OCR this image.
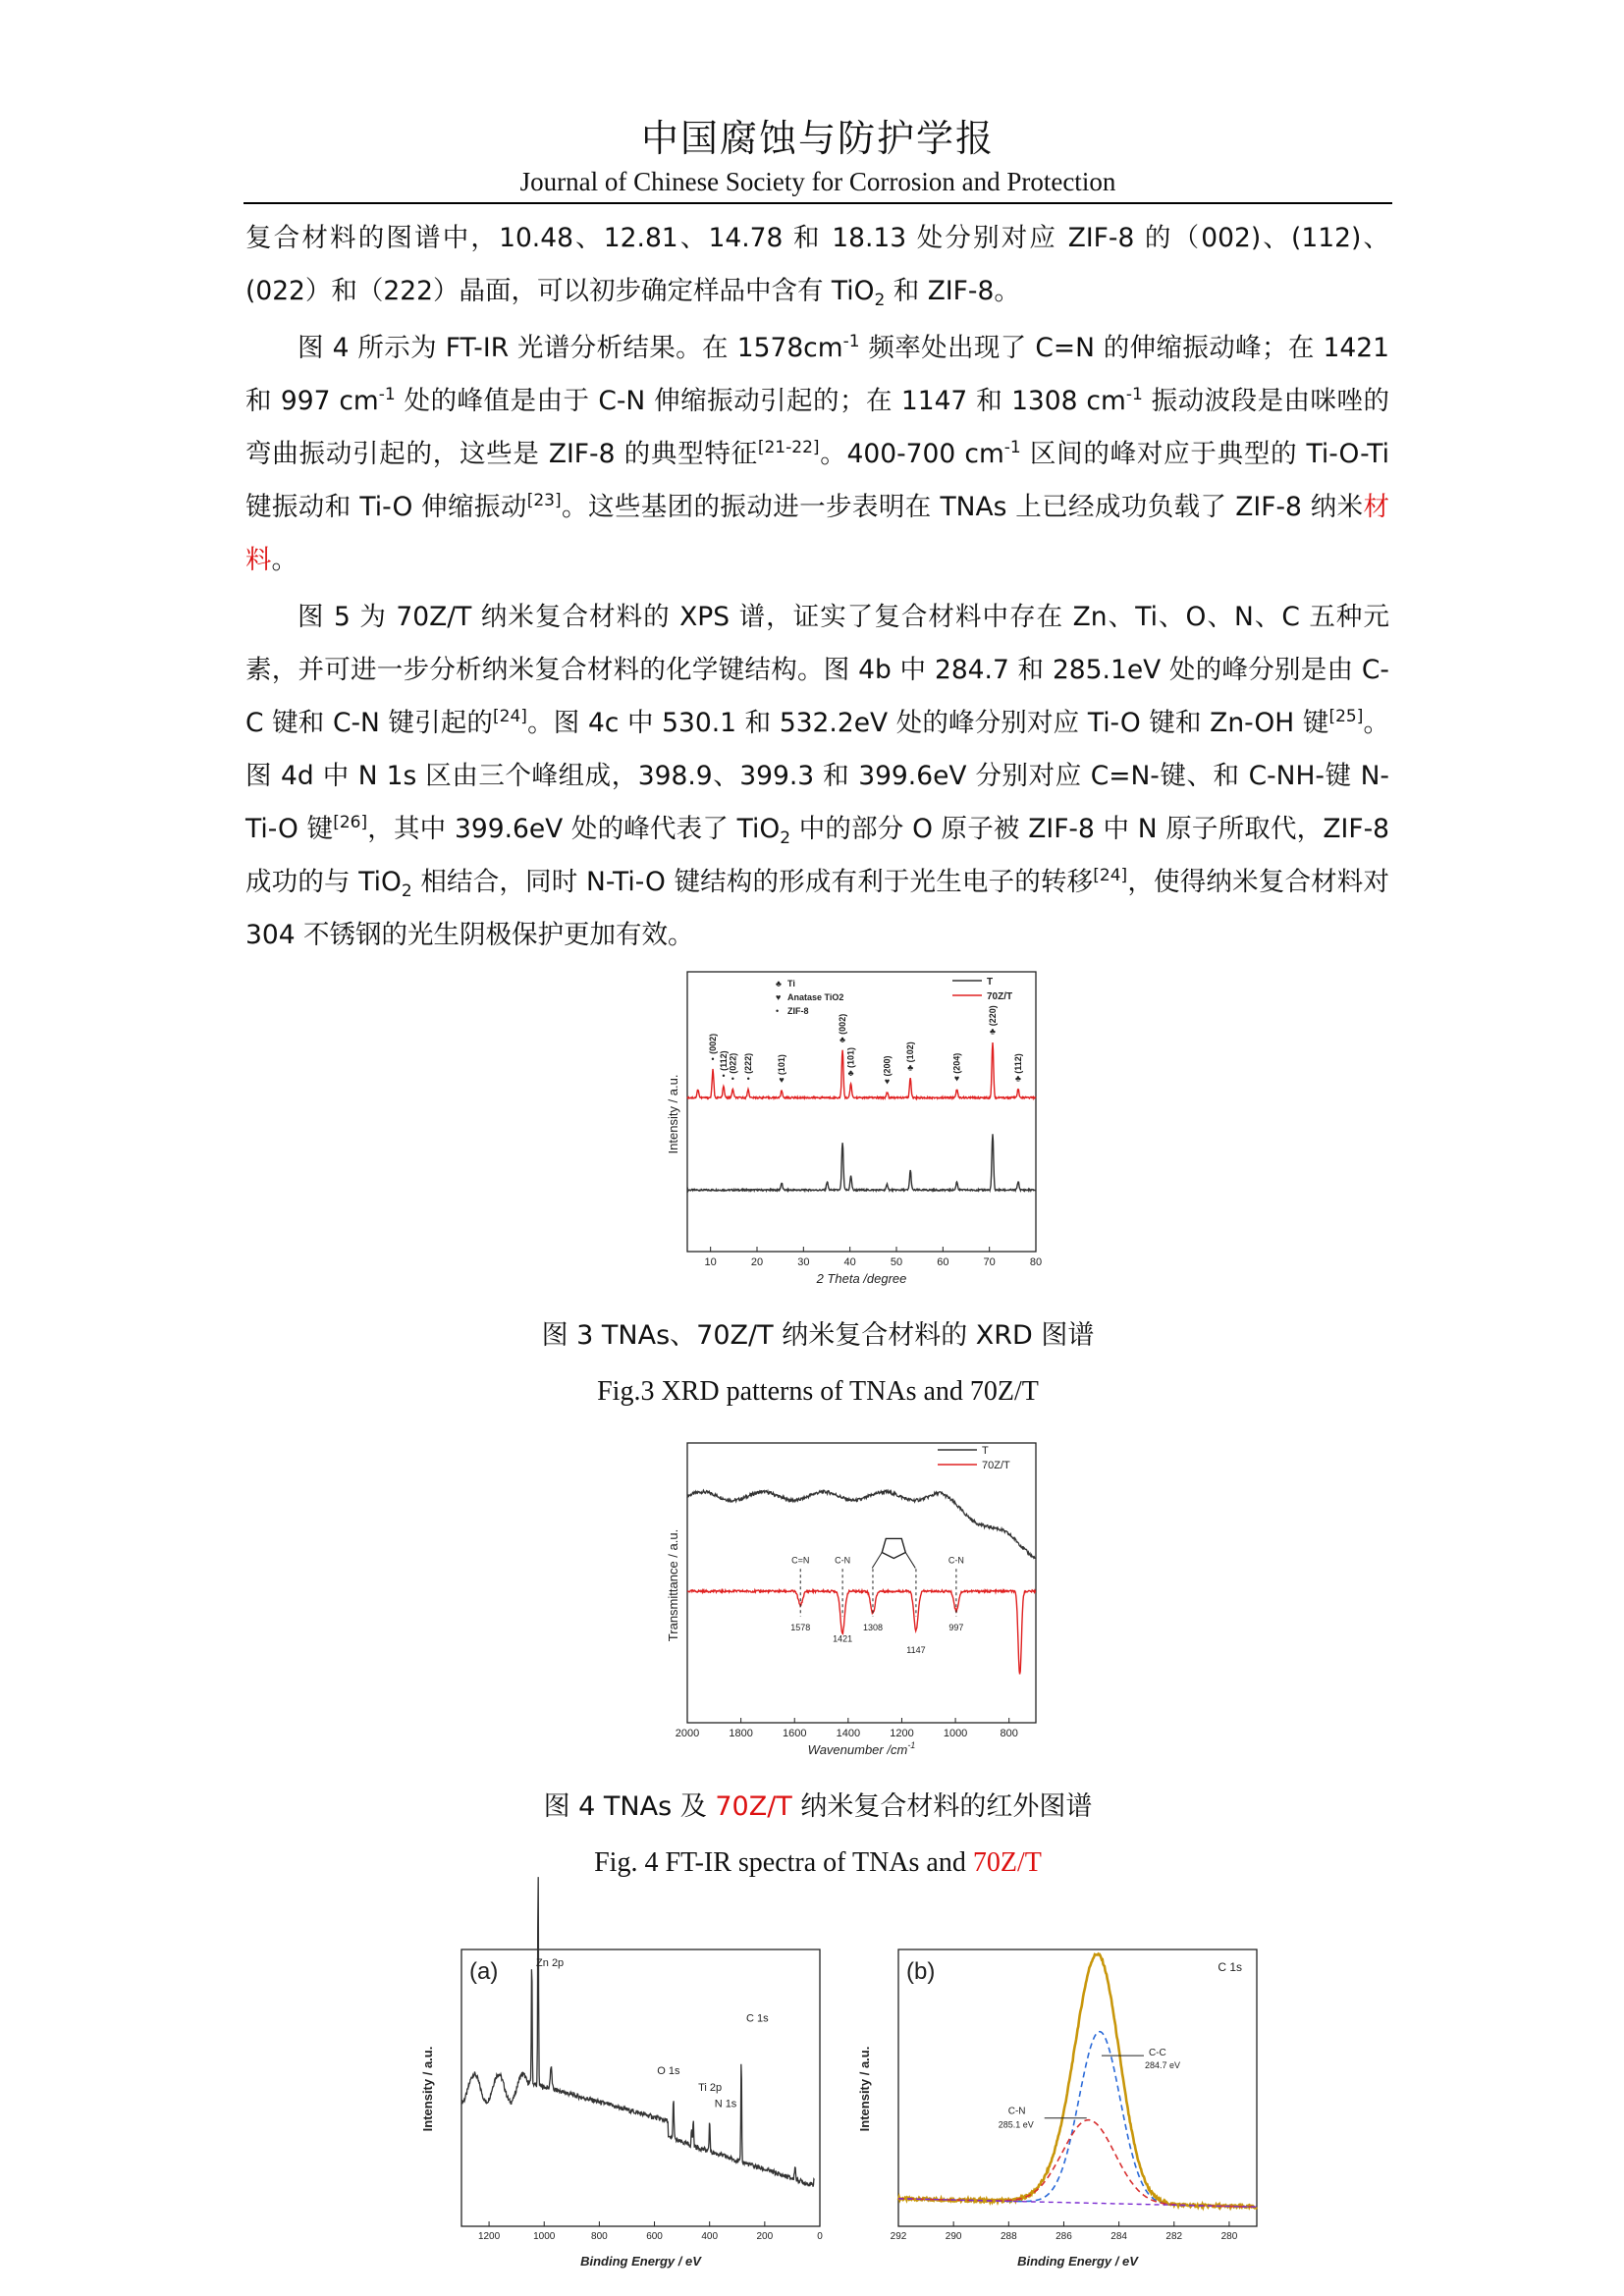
中国腐蚀与防护学报
Journal of Chinese Society for Corrosion and Protection

复合材料的图谱中，10.48、12.81、14.78 和 18.13 处分别对应 ZIF-8 的（002)、(112)、(022）和（222）晶面，可以初步确定样品中含有 TiO$_2$ 和 ZIF-8。

图 4 所示为 FT-IR 光谱分析结果。在 $1578cm^{-1}$ 频率处出现了 C=N 的伸缩振动峰；在 1421 和 997 $cm^{-1}$ 处的峰值是由于 C-N 伸缩振动引起的；在 1147 和 1308 $cm^{-1}$ 振动波段是由咪唑的弯曲振动引起的，这些是 ZIF-8 的典型特征[21-22]。400-700 $cm^{-1}$ 区间的峰对应于典型的 Ti-O-Ti 键振动和 Ti-O 伸缩振动[23]。这些基团的振动进一步表明在 TNAs 上已经成功负载了 ZIF-8 纳米材料。

图 5 为 70Z/T 纳米复合材料的 XPS 谱，证实了复合材料中存在 Zn、Ti、O、N、C 五种元素，并可进一步分析纳米复合材料的化学键结构。图 4b 中 284.7 和 285.1eV 处的峰分别是由 C-C 键和 C-N 键引起的[24]。图 4c 中 530.1 和 532.2eV 处的峰分别对应 Ti-O 键和 Zn-OH 键[25]。图 4d 中 N 1s 区由三个峰组成，398.9、399.3 和 399.6eV 分别对应 C=N-键、和 C-NH-键 N-Ti-O 键[26]，其中 399.6eV 处的峰代表了 TiO$_2$ 中的部分 O 原子被 ZIF-8 中 N 原子所取代，ZIF-8 成功的与 TiO$_2$ 相结合，同时 N-Ti-O 键结构的形成有利于光生电子的转移[24]，使得纳米复合材料对 304 不锈钢的光生阴极保护更加有效。

10	20	30	40	50	60	70	80
2 Theta /degree
Intensity / a.u.
•
(002)
•
(112)
•
(022)
•
(222)
♥
(101)
♣
(002)
♣
(101)
♥
(200) ♣
(102)
♥
(204)
♣
(220)
♣
(112)
♣ Ti
♥ Anatase TiO2
• ZIF-8
T
70Z/T
图 3 TNAs、70Z/T 纳米复合材料的 XRD 图谱
Fig.3 XRD patterns of TNAs and 70Z/T
2000	1800	1600	1400	1200	1000	800
Wavenumber $/cm^{-1}$
Transmittance / a.u.	C=N
1578
C-N
1421
1308
1147
C-N
997
T
70Z/T
图 4 TNAs 及 70Z/T 纳米复合材料的红外图谱
Fig. 4 FT-IR spectra of TNAs and 70Z/T
1200	1000	800	600	400	200	0
Binding Energy / eV
Intensity / a.u.
(a)	Zn 2p
O 1s
Ti 2p
N 1s
C 1s
292	290	288	286	284	282	280
Binding Energy / eV
Intensity / a.u.
(b)	C 1s
C-C
284.7 eV
C-N
285.1 eV
